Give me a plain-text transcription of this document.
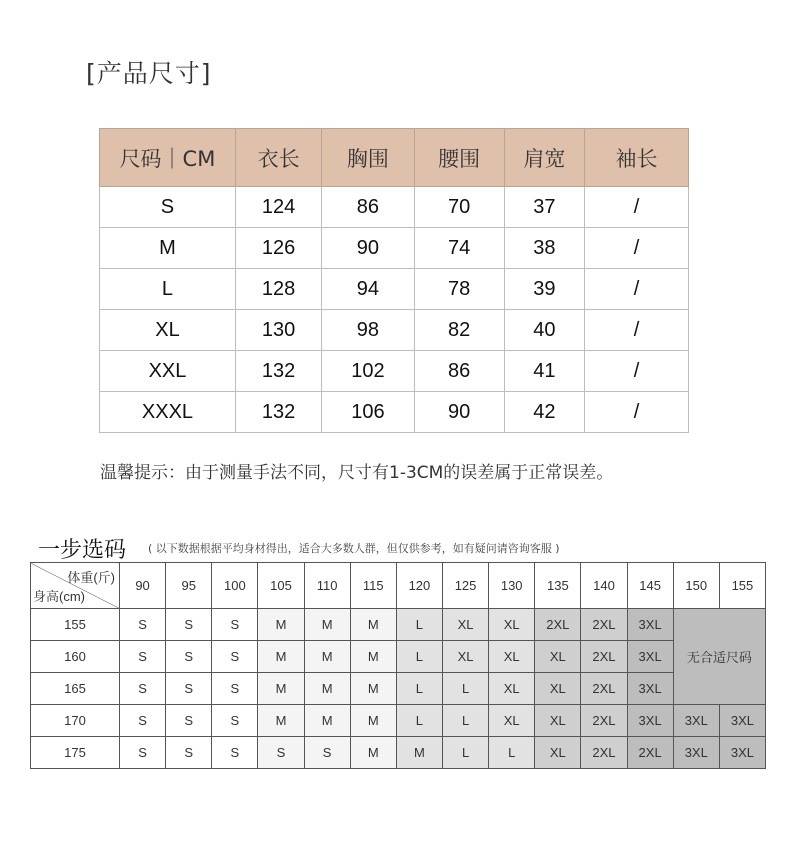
[产品尺寸]
尺码｜CM	衣长	胸围	腰围	肩宽	袖长
S	124	86	70	37	/
M	126	90	74	38	/
L	128	94	78	39	/
XL	130	98	82	40	/
XXL	132	102	86	41	/
XXXL	132	106	90	42	/
温馨提示：由于测量手法不同，尺寸有1-3CM的误差属于正常误差。
一步选码 ( 以下数据根据平均身材得出，适合大多数人群，但仅供参考，如有疑问请咨询客服 )
体重(斤)
身高(cm)	90	95	100	105	110	115	120	125	130	135	140	145	150	155
155	S	S	S	M	M	M	L	XL	XL	2XL	2XL	3XL	无合适尺码	
160	S	S	S	M	M	M	L	XL	XL	XL	2XL	3XL		
165	S	S	S	M	M	M	L	L	XL	XL	2XL	3XL		
170	S	S	S	M	M	M	L	L	XL	XL	2XL	3XL	3XL	3XL
175	S	S	S	S	S	M	M	L	L	XL	2XL	2XL	3XL	3XL
